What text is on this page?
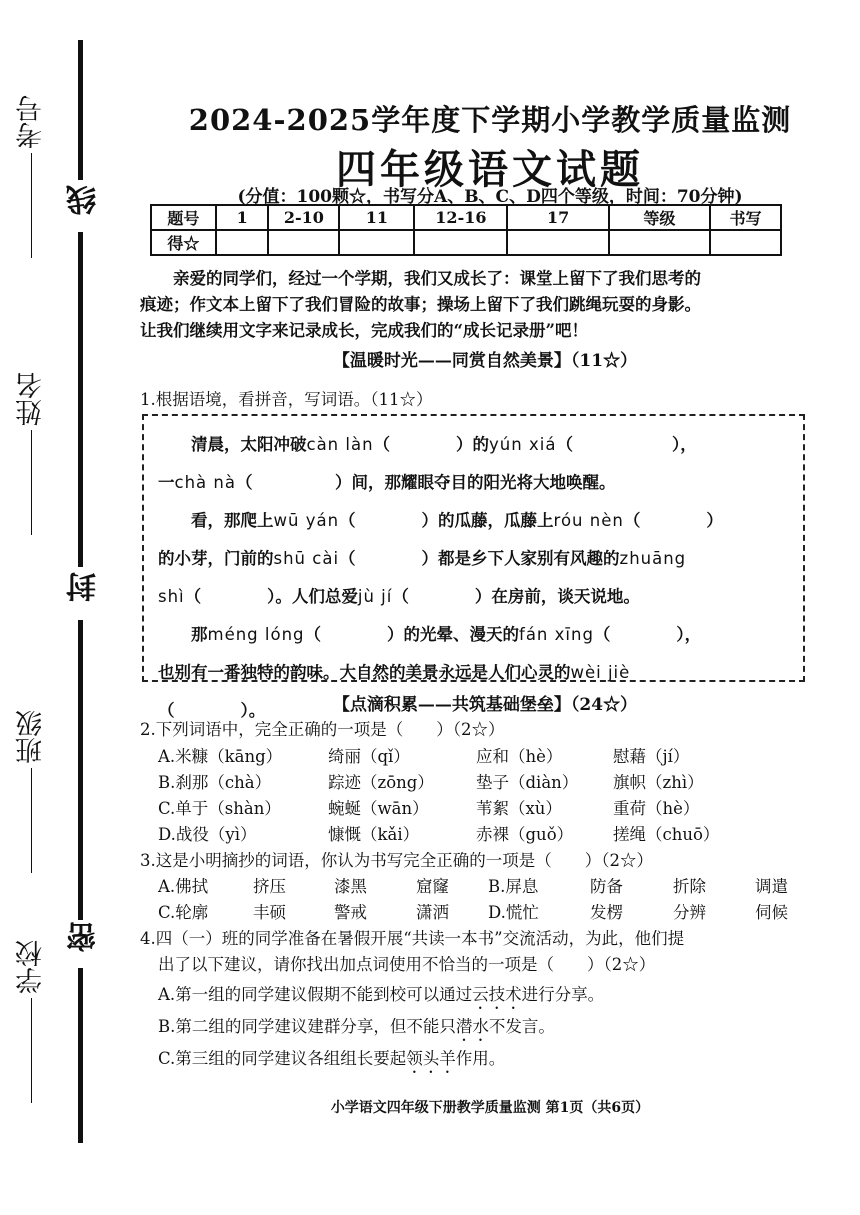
线
封
密
考号
姓名
班级
学校
2024-2025学年度下学期小学教学质量监测
四年级语文试题
(分值：100颗☆，书写分A、B、C、D四个等级，时间：70分钟)
题号	1	2-10	11	12-16	17	等级	书写
得☆							

亲爱的同学们，经过一个学期，我们又成长了：课堂上留下了我们思考的

痕迹；作文本上留下了我们冒险的故事；操场上留下了我们跳绳玩耍的身影。

让我们继续用文字来记录成长，完成我们的“成长记录册”吧！

【温暖时光——同赏自然美景】（11☆）
1.根据语境，看拼音，写词语。（11☆）

清晨，太阳冲破càn làn（　　　　）的yún xiá（　　　　　　），

一chà nà（　　　　　）间，那耀眼夺目的阳光将大地唤醒。

看，那爬上wū yán（　　　　）的瓜藤，瓜藤上róu nèn（　　　　）

的小芽，门前的shū cài（　　　　）都是乡下人家别有风趣的zhuāng

shì（　　　　）。人们总爱jù jí（　　　　）在房前，谈天说地。

那méng lóng（　　　　）的光晕、漫天的fán xīng（　　　　），

也别有一番独特的韵味。大自然的美景永远是人们心灵的wèi jiè

（　　　　）。	【点滴积累——共筑基础堡垒】（24☆）
2.下列词语中，完全正确的一项是（　　）（2☆）
A.米糠（kāng）	绮丽（qǐ）	应和（hè）	慰藉（jí）
B.刹那（chà）	踪迹（zōng）	垫子（diàn） 旗帜（zhì）
C.单于（shàn）	蜿蜒（wān）	苇絮（xù）	重荷（hè）
D.战役（yì）	慷慨（kǎi）	赤裸（guǒ） 搓绳（chuō）
3.这是小明摘抄的词语，你认为书写完全正确的一项是（　　）（2☆）
A.佛拭	挤压	漆黑	窟窿 B.屏息	防备	折除	调遣
C.轮廓	丰硕	警戒	潇洒 D.慌忙	发楞	分辨	伺候
4.四（一）班的同学准备在暑假开展“共读一本书”交流活动，为此，他们提
出了以下建议，请你找出加点词使用不恰当的一项是（　　）（2☆）
A.第一组的同学建议假期不能到校可以通过云技术进行分享。
B.第二组的同学建议建群分享，但不能只潜水不发言。
C.第三组的同学建议各组组长要起领头羊作用。
小学语文四年级下册教学质量监测 第1页（共6页）
